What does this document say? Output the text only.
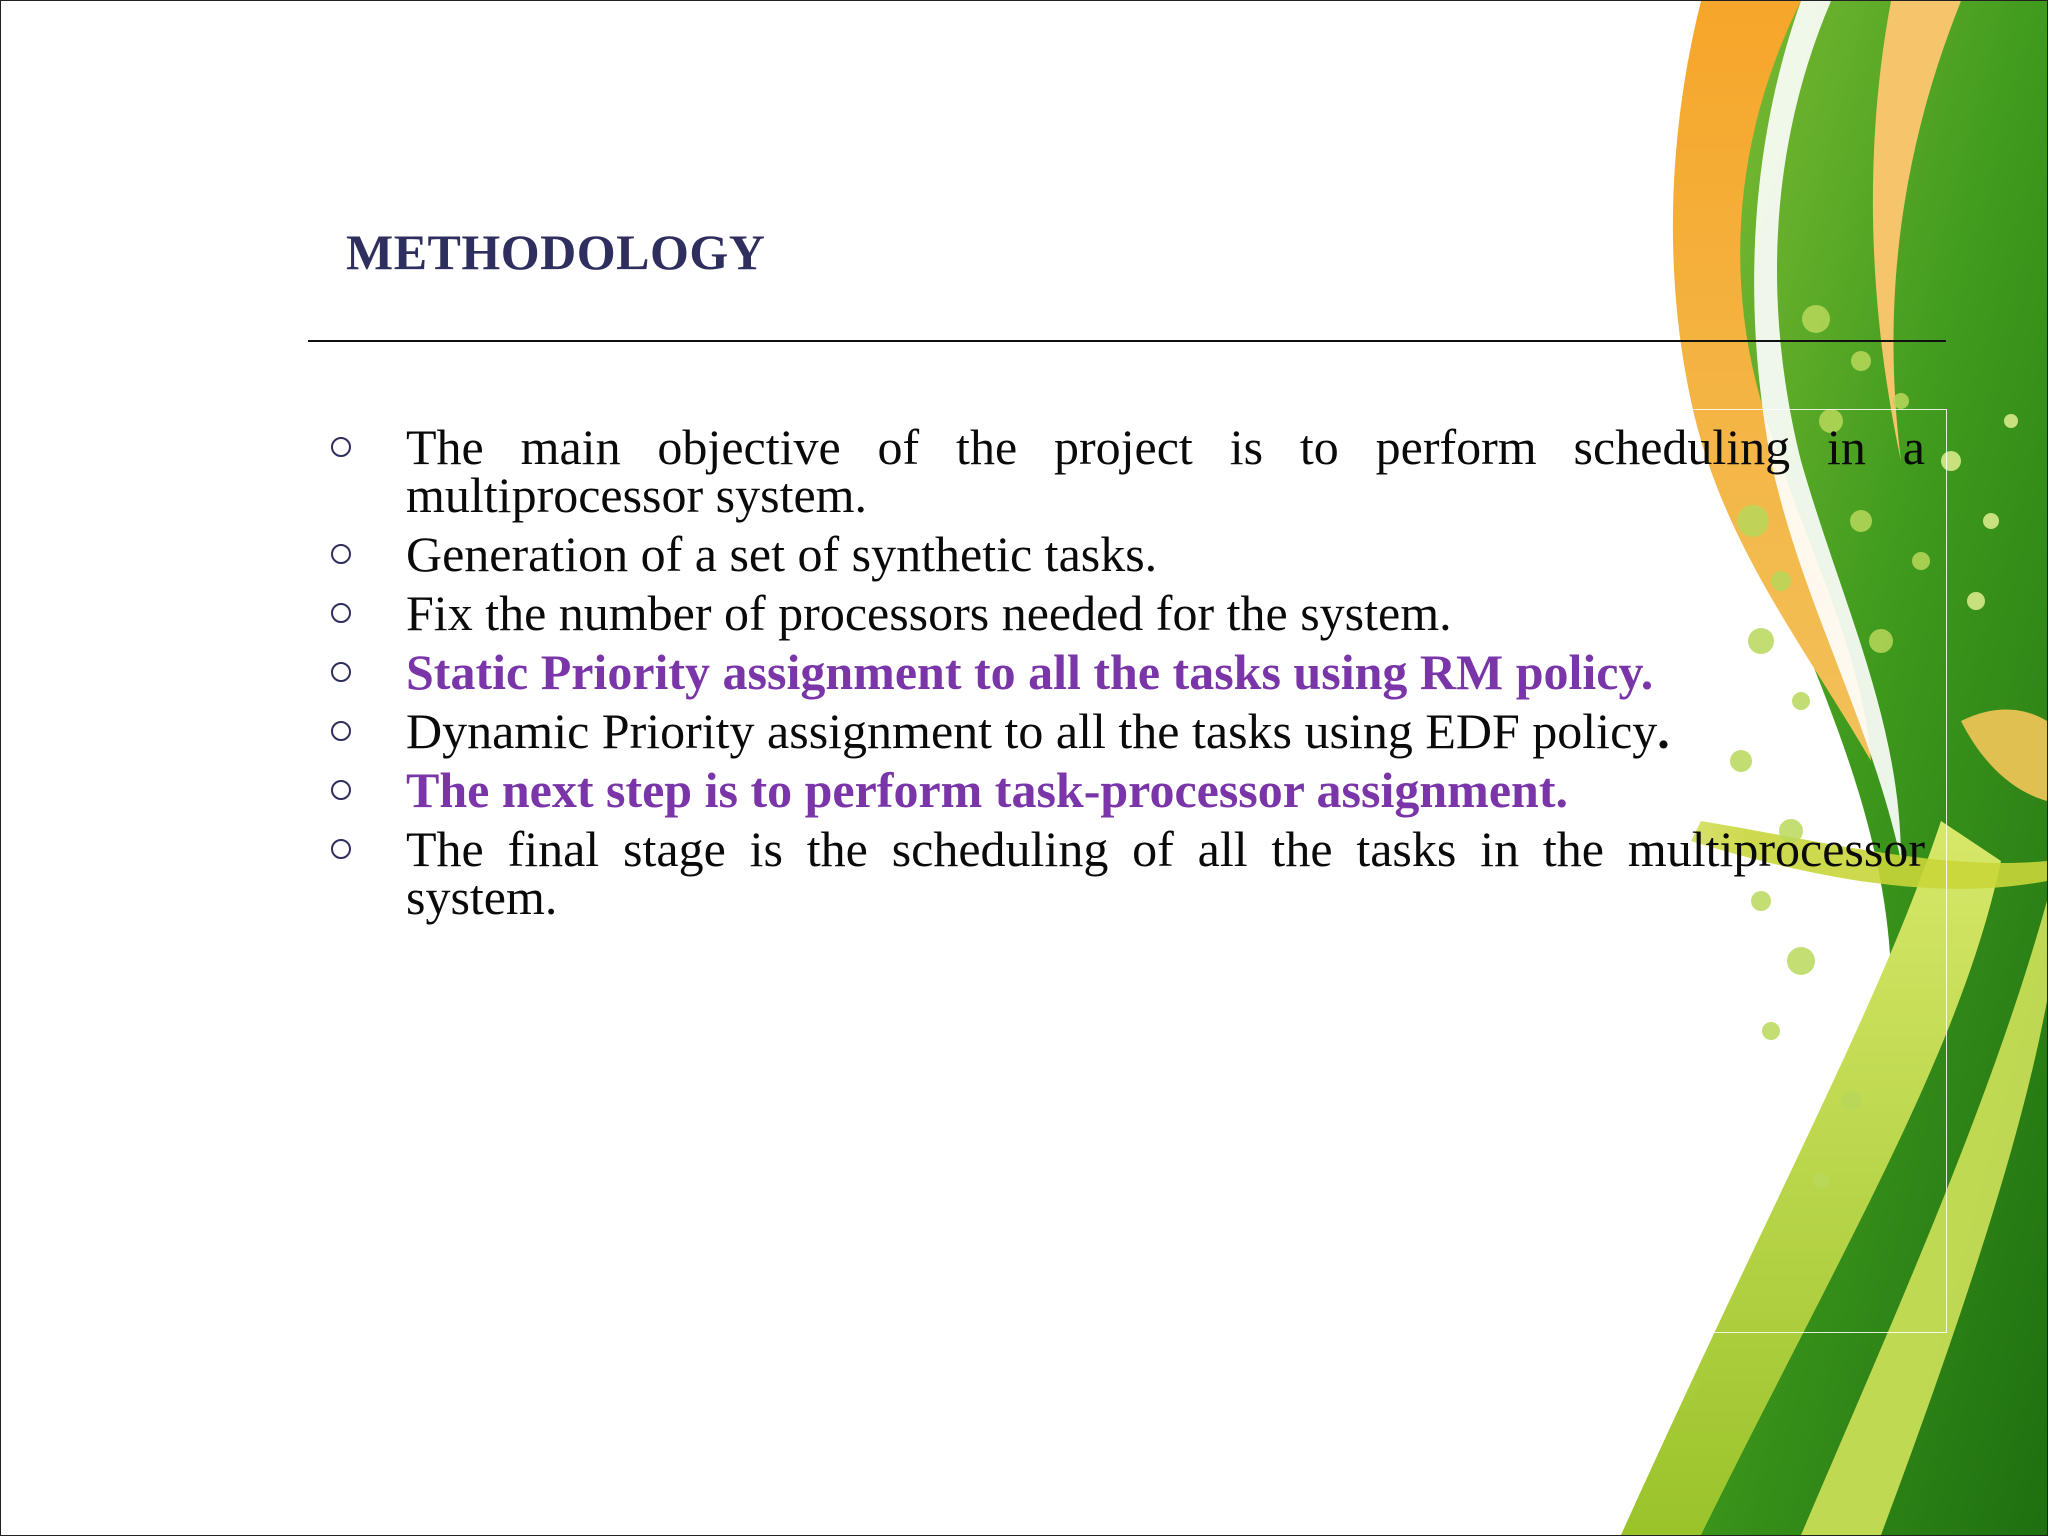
METHODOLOGY
The main objective of the project is to perform scheduling in a multiprocessor system.
Generation of a set of synthetic tasks.
Fix the number of processors needed for the system.
Static Priority assignment to all the tasks using RM policy.
Dynamic Priority assignment to all the tasks using EDF policy.
The next step is to perform task-processor assignment.
The final stage is the scheduling of all the tasks in the multiprocessor system.
